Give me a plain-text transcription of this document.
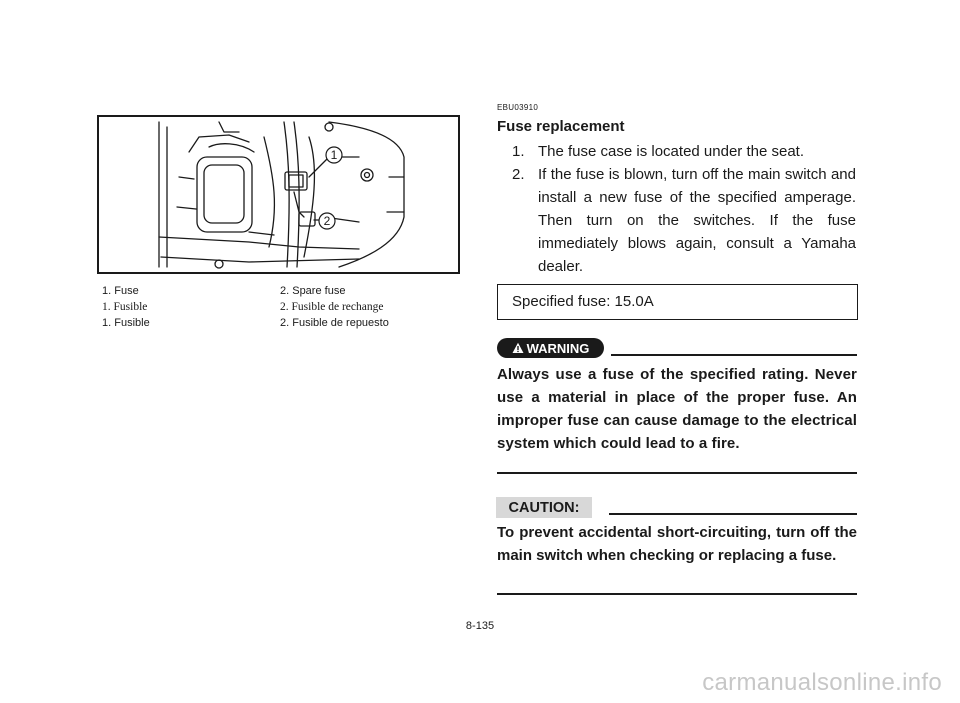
1
2
1. Fuse	2. Spare fuse
1. Fusible	2. Fusible de rechange
1. Fusible	2. Fusible de repuesto
EBU03910
Fuse replacement
1. The fuse case is located under the seat.
2. If the fuse is blown, turn off the main switch and install a new fuse of the specified amperage. Then turn on the switches. If the fuse immediately blows again, consult a Yamaha dealer.
Specified fuse: 15.0A
WARNING
Always use a fuse of the specified rating. Never use a material in place of the proper fuse. An improper fuse can cause damage to the electrical system which could lead to a fire.
CAUTION:
To prevent accidental short-circuiting, turn off the main switch when checking or replacing a fuse.
8-135
carmanualsonline.info
